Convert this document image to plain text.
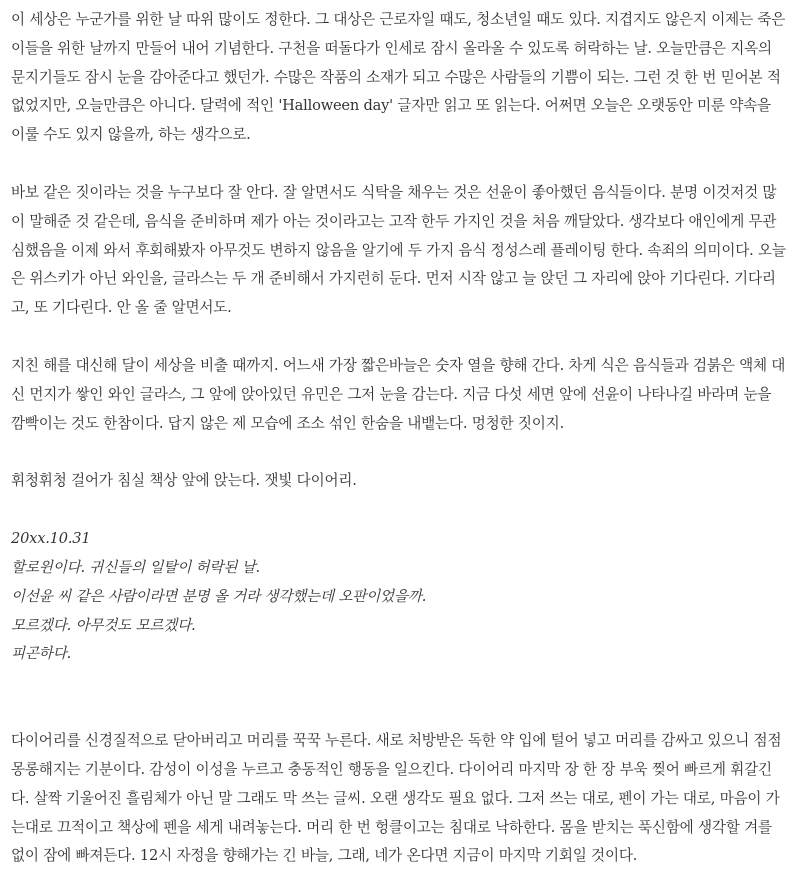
이 세상은 누군가를 위한 날 따위 많이도 정한다. 그 대상은 근로자일 때도, 청소년일 때도 있다. 지겹지도 않은지 이제는 죽은 이들을 위한 날까지 만들어 내어 기념한다. 구천을 떠돌다가 인세로 잠시 올라올 수 있도록 허락하는 날. 오늘만큼은 지옥의 문지기들도 잠시 눈을 감아준다고 했던가. 수많은 작품의 소재가 되고 수많은 사람들의 기쁨이 되는. 그런 것 한 번 믿어본 적 없었지만, 오늘만큼은 아니다. 달력에 적인 'Halloween day' 글자만 읽고 또 읽는다. 어쩌면 오늘은 오랫동안 미룬 약속을 이룰 수도 있지 않을까, 하는 생각으로.

바보 같은 짓이라는 것을 누구보다 잘 안다. 잘 알면서도 식탁을 채우는 것은 선윤이 좋아했던 음식들이다. 분명 이것저것 많이 말해준 것 같은데, 음식을 준비하며 제가 아는 것이라고는 고작 한두 가지인 것을 처음 깨달았다. 생각보다 애인에게 무관심했음을 이제 와서 후회해봤자 아무것도 변하지 않음을 알기에 두 가지 음식 정성스레 플레이팅 한다. 속죄의 의미이다. 오늘은 위스키가 아닌 와인을, 글라스는 두 개 준비해서 가지런히 둔다. 먼저 시작 않고 늘 앉던 그 자리에 앉아 기다린다. 기다리고, 또 기다린다. 안 올 줄 알면서도.

지친 해를 대신해 달이 세상을 비출 때까지. 어느새 가장 짧은바늘은 숫자 열을 향해 간다. 차게 식은 음식들과 검붉은 액체 대신 먼지가 쌓인 와인 글라스, 그 앞에 앉아있던 유민은 그저 눈을 감는다. 지금 다섯 세면 앞에 선윤이 나타나길 바라며 눈을 깜빡이는 것도 한참이다. 답지 않은 제 모습에 조소 섞인 한숨을 내뱉는다. 멍청한 짓이지.

휘청휘청 걸어가 침실 책상 앞에 앉는다. 잿빛 다이어리.

20xx.10.31
할로윈이다. 귀신들의 일탈이 허락된 날.
이선윤 씨 같은 사람이라면 분명 올 거라 생각했는데 오판이었을까.
모르겠다. 아무것도 모르겠다.
피곤하다.

다이어리를 신경질적으로 닫아버리고 머리를 꾹꾹 누른다. 새로 처방받은 독한 약 입에 털어 넣고 머리를 감싸고 있으니 점점 몽롱해지는 기분이다. 감성이 이성을 누르고 충동적인 행동을 일으킨다. 다이어리 마지막 장 한 장 부욱 찢어 빠르게 휘갈긴다. 살짝 기울어진 흘림체가 아닌 말 그래도 막 쓰는 글씨. 오랜 생각도 필요 없다. 그저 쓰는 대로, 펜이 가는 대로, 마음이 가는대로 끄적이고 책상에 펜을 세게 내려놓는다. 머리 한 번 헝클이고는 침대로 낙하한다. 몸을 받치는 푹신함에 생각할 겨를 없이 잠에 빠져든다. 12시 자정을 향해가는 긴 바늘, 그래, 네가 온다면 지금이 마지막 기회일 것이다.
